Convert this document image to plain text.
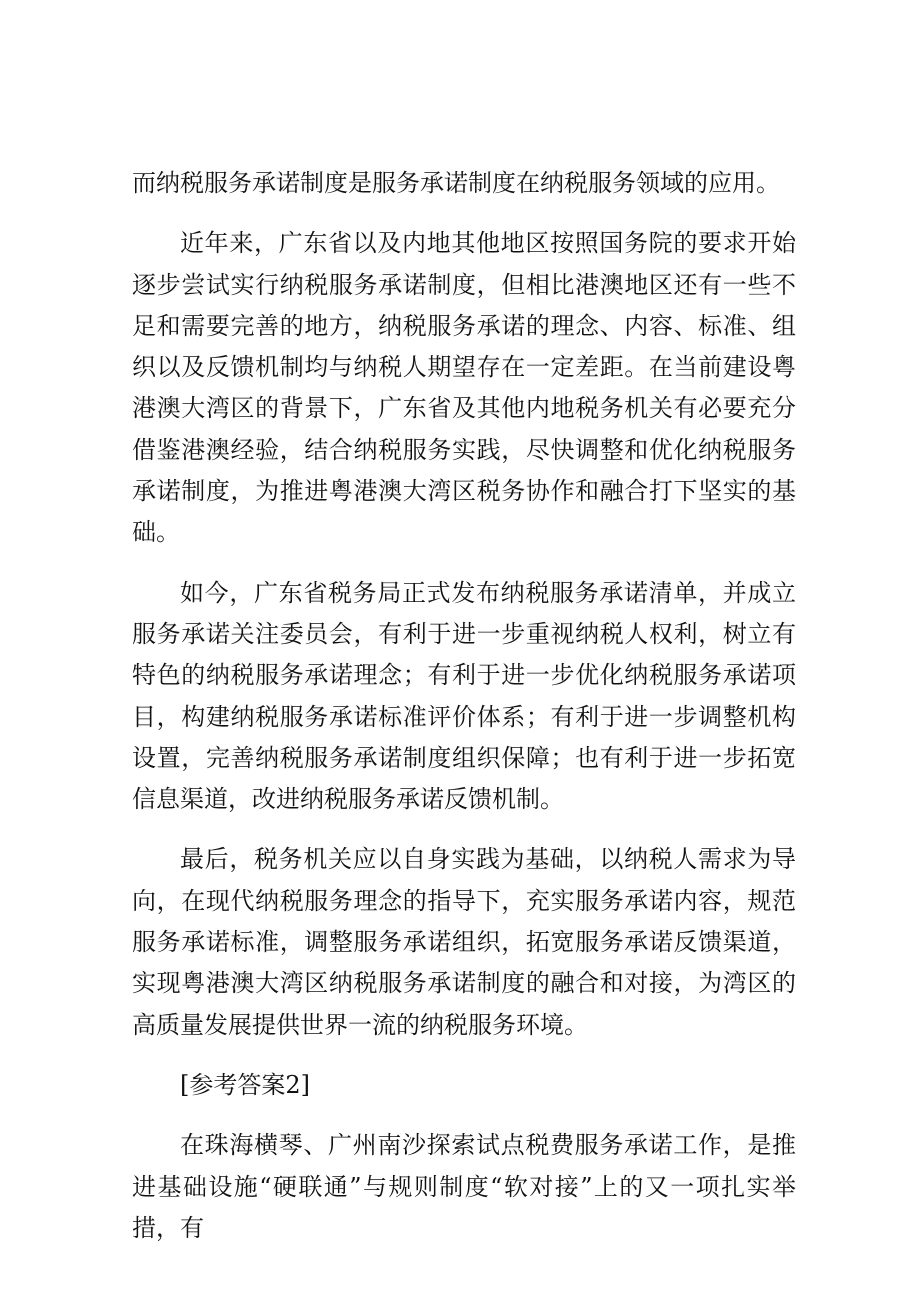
而纳税服务承诺制度是服务承诺制度在纳税服务领域的应用。

近年来，广东省以及内地其他地区按照国务院的要求开始逐步尝试实行纳税服务承诺制度，但相比港澳地区还有一些不足和需要完善的地方，纳税服务承诺的理念、内容、标准、组织以及反馈机制均与纳税人期望存在一定差距。在当前建设粤港澳大湾区的背景下，广东省及其他内地税务机关有必要充分借鉴港澳经验，结合纳税服务实践，尽快调整和优化纳税服务承诺制度，为推进粤港澳大湾区税务协作和融合打下坚实的基础。

如今，广东省税务局正式发布纳税服务承诺清单，并成立服务承诺关注委员会，有利于进一步重视纳税人权利，树立有特色的纳税服务承诺理念；有利于进一步优化纳税服务承诺项目，构建纳税服务承诺标准评价体系；有利于进一步调整机构设置，完善纳税服务承诺制度组织保障；也有利于进一步拓宽信息渠道，改进纳税服务承诺反馈机制。

最后，税务机关应以自身实践为基础，以纳税人需求为导向，在现代纳税服务理念的指导下，充实服务承诺内容，规范服务承诺标准，调整服务承诺组织，拓宽服务承诺反馈渠道，实现粤港澳大湾区纳税服务承诺制度的融合和对接，为湾区的高质量发展提供世界一流的纳税服务环境。

[参考答案2]

在珠海横琴、广州南沙探索试点税费服务承诺工作，是推进基础设施“硬联通”与规则制度“软对接”上的又一项扎实举措，有
